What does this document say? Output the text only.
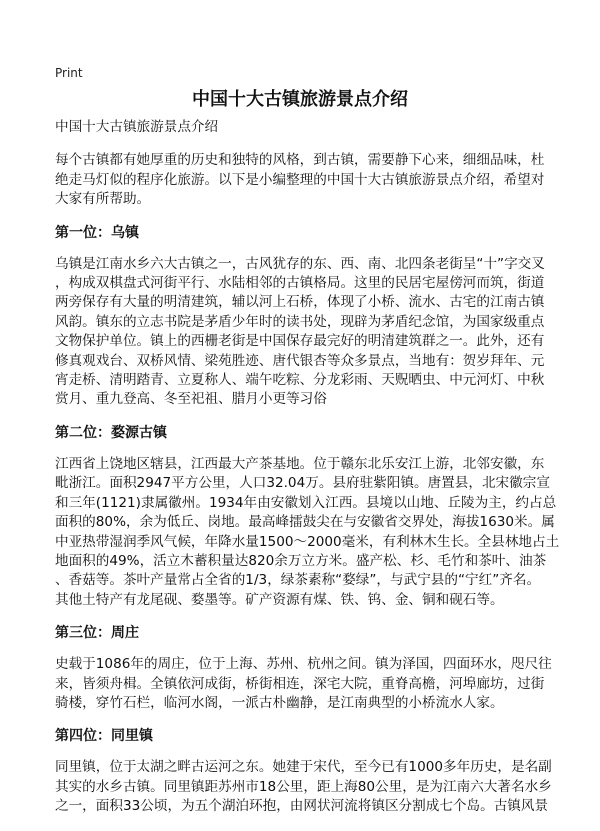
Print
中国十大古镇旅游景点介绍

中国十大古镇旅游景点介绍

每个古镇都有她厚重的历史和独特的风格，到古镇，需要静下心来，细细品味，杜
绝走马灯似的程序化旅游。以下是小编整理的中国十大古镇旅游景点介绍，希望对
大家有所帮助。

第一位：乌镇

乌镇是江南水乡六大古镇之一，古风犹存的东、西、南、北四条老街呈“十”字交叉
，构成双棋盘式河街平行、水陆相邻的古镇格局。这里的民居宅屋傍河而筑，街道
两旁保存有大量的明清建筑，辅以河上石桥，体现了小桥、流水、古宅的江南古镇
风韵。镇东的立志书院是茅盾少年时的读书处，现辟为茅盾纪念馆，为国家级重点
文物保护单位。镇上的西栅老街是中国保存最完好的明清建筑群之一。此外，还有
修真观戏台、双桥风情、梁苑胜迹、唐代银杏等众多景点，当地有：贺岁拜年、元
宵走桥、清明踏青、立夏称人、端午吃粽、分龙彩雨、天贶晒虫、中元河灯、中秋
赏月、重九登高、冬至祀祖、腊月小更等习俗

第二位：婺源古镇

江西省上饶地区辖县，江西最大产茶基地。位于赣东北乐安江上游，北邻安徽，东
毗浙江。面积2947平方公里，人口32.04万。县府驻紫阳镇。唐置县，北宋徽宗宣
和三年(1121)隶属徽州。1934年由安徽划入江西。县境以山地、丘陵为主，约占总
面积的80%，余为低丘、岗地。最高峰擂鼓尖在与安徽省交界处，海拔1630米。属
中亚热带湿润季风气候，年降水量1500～2000毫米，有利林木生长。全县林地占土
地面积的49%，活立木蓄积量达820余万立方米。盛产松、杉、毛竹和茶叶、油茶
、香菇等。茶叶产量常占全省的1/3，绿茶素称“婺绿”，与武宁县的“宁红”齐名。
其他土特产有龙尾砚、婺墨等。矿产资源有煤、铁、钨、金、铜和砚石等。

第三位：周庄

史载于1086年的周庄，位于上海、苏州、杭州之间。镇为泽国，四面环水，咫尺往
来，皆须舟楫。全镇依河成街，桥街相连，深宅大院，重脊高檐，河埠廊坊，过街
骑楼，穿竹石栏，临河水阁，一派古朴幽静，是江南典型的小桥流水人家。

第四位：同里镇

同里镇，位于太湖之畔古运河之东。她建于宋代，至今已有1000多年历史，是名副
其实的水乡古镇。同里镇距苏州市18公里，距上海80公里，是为江南六大著名水乡
之一，面积33公顷，为五个湖泊环抱，由网状河流将镇区分割成七个岛。古镇风景
